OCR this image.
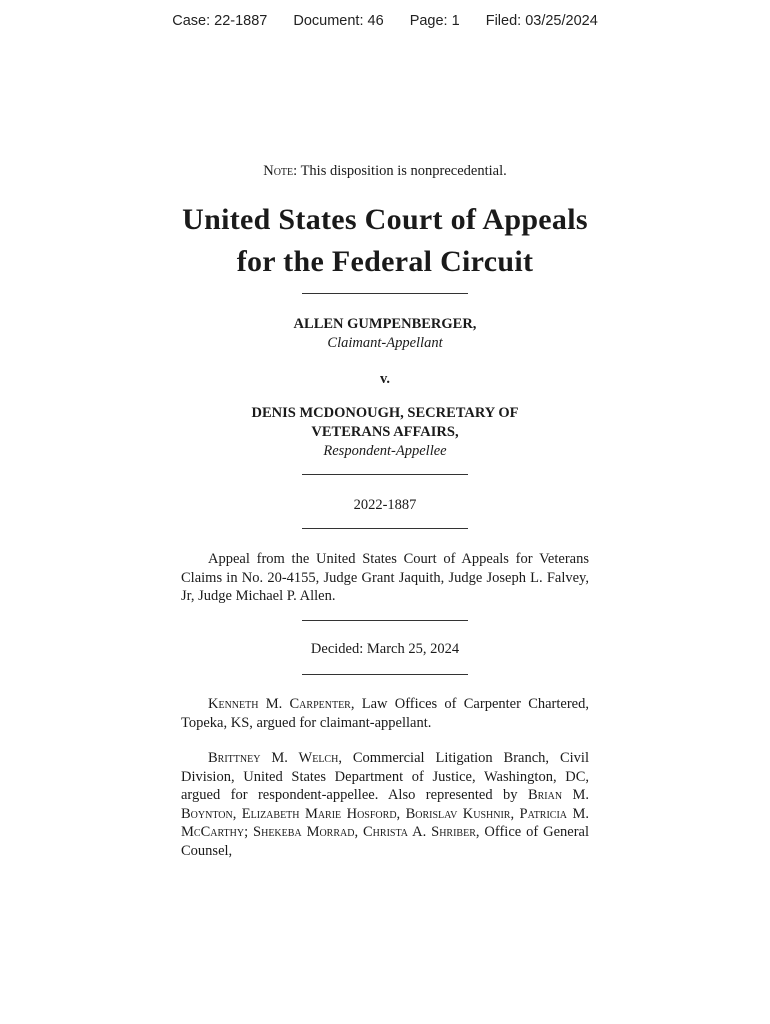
Case: 22-1887 Document: 46 Page: 1 Filed: 03/25/2024
Note: This disposition is nonprecedential.
United States Court of Appeals
for the Federal Circuit
ALLEN GUMPENBERGER,
Claimant-Appellant
v.
DENIS MCDONOUGH, SECRETARY OF
VETERANS AFFAIRS,
Respondent-Appellee
2022-1887

Appeal from the United States Court of Appeals for Veterans Claims in No. 20-4155, Judge Grant Jaquith, Judge Joseph L. Falvey, Jr, Judge Michael P. Allen.

Decided: March 25, 2024

Kenneth M. Carpenter, Law Offices of Carpenter Chartered, Topeka, KS, argued for claimant-appellant.

Brittney M. Welch, Commercial Litigation Branch, Civil Division, United States Department of Justice, Washington, DC, argued for respondent-appellee. Also represented by Brian M. Boynton, Elizabeth Marie Hosford, Borislav Kushnir, Patricia M. McCarthy; Shekeba Morrad, Christa A. Shriber, Office of General Counsel,
